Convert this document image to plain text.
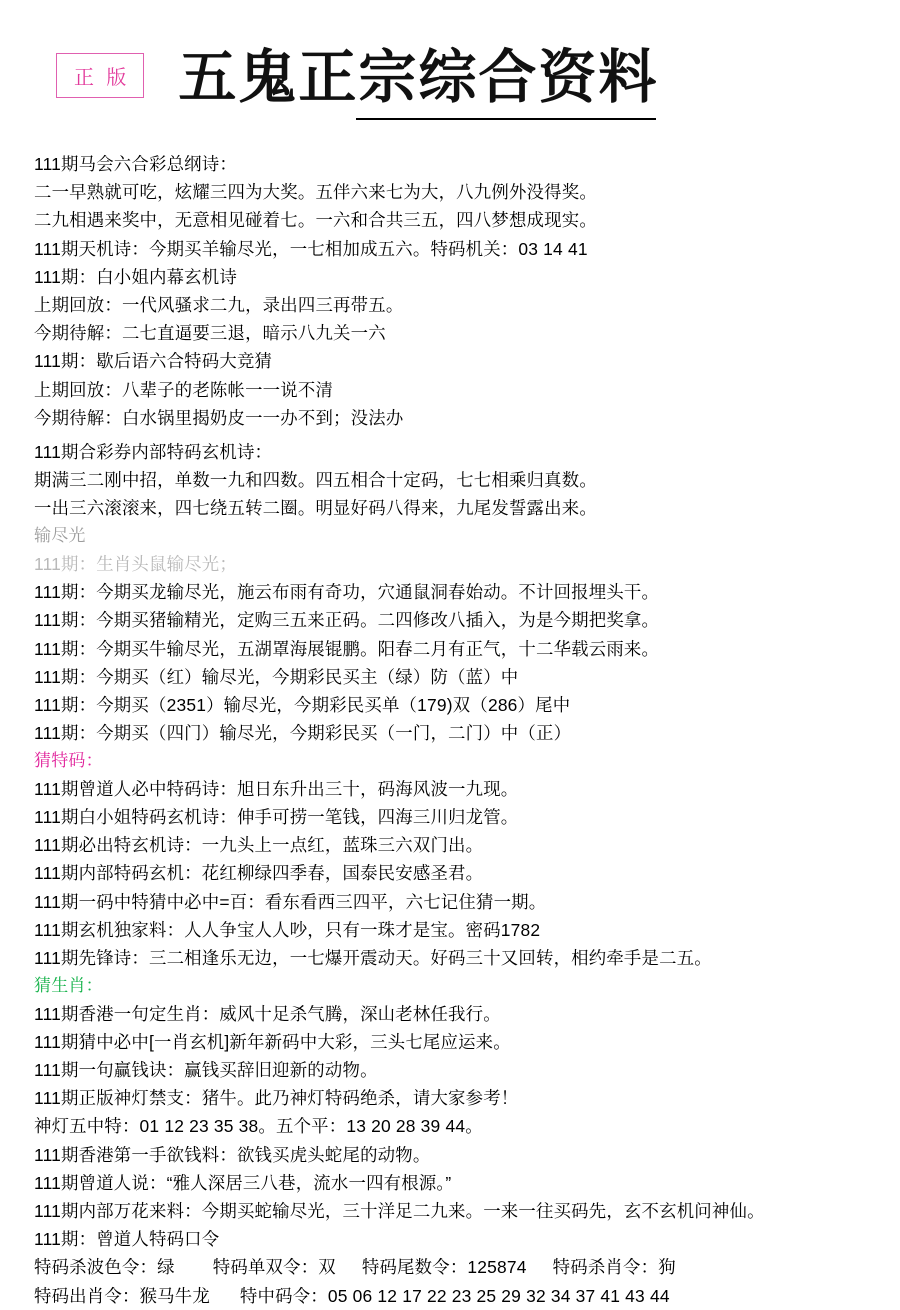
正 版 五鬼正宗综合资料
111期马会六合彩总纲诗：
二一早熟就可吃，炫耀三四为大奖。五伴六来七为大，八九例外没得奖。
二九相遇来奖中，无意相见碰着七。一六和合共三五，四八梦想成现实。
111期天机诗：今期买羊输尽光，一七相加成五六。特码机关：03 14 41
111期：白小姐内幕玄机诗
上期回放：一代风骚求二九，录出四三再带五。
今期待解：二七直逼要三退，暗示八九关一六
111期：歇后语六合特码大竞猜
上期回放：八辈子的老陈帐一一说不清
今期待解：白水锅里揭奶皮一一办不到；没法办
111期合彩券内部特码玄机诗：
期满三二刚中招，单数一九和四数。四五相合十定码，七七相乘归真数。
一出三六滚滚来，四七绕五转二圈。明显好码八得来，九尾发誓露出来。
输尽光
111期：生肖头鼠输尽光；
111期：今期买龙输尽光，施云布雨有奇功，穴通鼠洞春始动。不计回报埋头干。
111期：今期买猪输精光，定购三五来正码。二四修改八插入，为是今期把奖拿。
111期：今期买牛输尽光，五湖罩海展锟鹏。阳春二月有正气，十二华载云雨来。
111期：今期买（红）输尽光，今期彩民买主（绿）防（蓝）中
111期：今期买（2351）输尽光，今期彩民买单（179)双（286）尾中
111期：今期买（四门）输尽光，今期彩民买（一门，二门）中（正）
猜特码：
111期曾道人必中特码诗：旭日东升出三十，码海风波一九现。
111期白小姐特码玄机诗：伸手可捞一笔钱，四海三川归龙管。
111期必出特玄机诗：一九头上一点红，蓝珠三六双门出。
111期内部特码玄机：花红柳绿四季春，国泰民安感圣君。
111期一码中特猜中必中=百：看东看西三四平，六七记住猜一期。
111期玄机独家料：人人争宝人人吵，只有一珠才是宝。密码1782
111期先锋诗：三二相逢乐无边，一七爆开震动天。好码三十又回转，相约牵手是二五。
猜生肖：
111期香港一句定生肖：威风十足杀气腾，深山老林任我行。
111期猜中必中[一肖玄机]新年新码中大彩，三头七尾应运来。
111期一句赢钱诀：赢钱买辞旧迎新的动物。
111期正版神灯禁支：猪牛。此乃神灯特码绝杀，请大家参考！
神灯五中特：01 12 23 35 38。五个平：13 20 28 39 44。
111期香港第一手欲钱料：欲钱买虎头蛇尾的动物。
111期曾道人说：“雅人深居三八巷，流水一四有根源。”
111期内部万花来料：今期买蛇输尽光，三十洋足二九来。一来一往买码先，玄不玄机问神仙。
111期：曾道人特码口令
特码杀波色令：绿 特码单双令：双 特码尾数令：125874 特码杀肖令：狗
特码出肖令：猴马牛龙 特中码令：05 06 12 17 22 23 25 29 32 34 37 41 43 44
